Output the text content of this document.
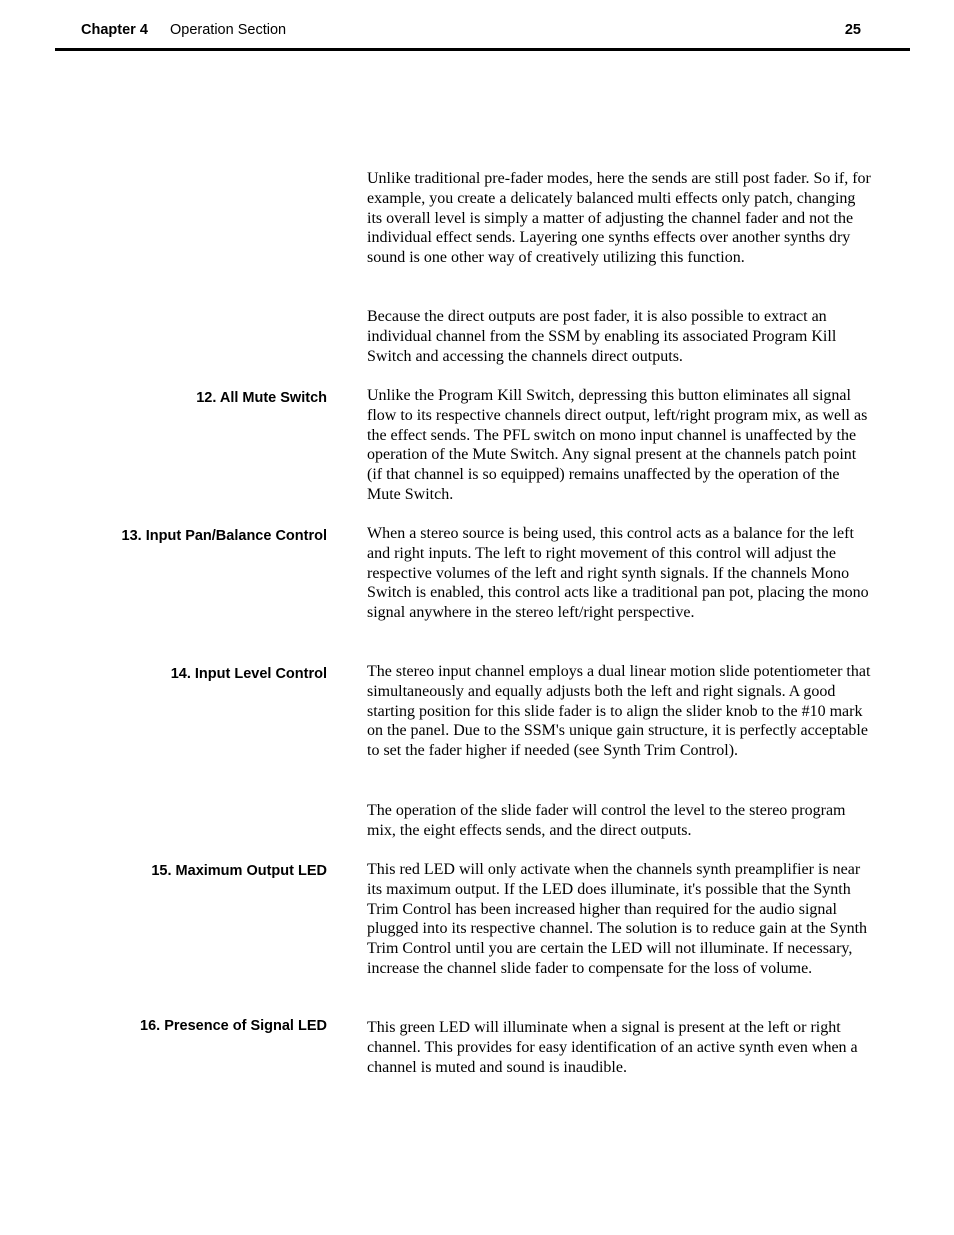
Chapter 4 Operation Section	25

Unlike traditional pre-fader modes, here the sends are still post fader. So if, for example, you create a delicately balanced multi effects only patch, changing its overall level is simply a matter of adjusting the channel fader and not the individual effect sends. Layering one synths effects over another synths dry sound is one other way of creatively utilizing this function.

Because the direct outputs are post fader, it is also possible to extract an individual channel from the SSM by enabling its associated Program Kill Switch and accessing the channels direct outputs.

12. All Mute Switch	Unlike the Program Kill Switch, depressing this button eliminates all signal flow to its respective channels direct output, left/right program mix, as well as the effect sends. The PFL switch on mono input channel is unaffected by the operation of the Mute Switch. Any signal present at the channels patch point (if that channel is so equipped) remains unaffected by the operation of the Mute Switch.

13. Input Pan/Balance Control	When a stereo source is being used, this control acts as a balance for the left and right inputs. The left to right movement of this control will adjust the respective volumes of the left and right synth signals. If the channels Mono Switch is enabled, this control acts like a traditional pan pot, placing the mono signal anywhere in the stereo left/right perspective.

14. Input Level Control	The stereo input channel employs a dual linear motion slide potentiometer that simultaneously and equally adjusts both the left and right signals. A good starting position for this slide fader is to align the slider knob to the #10 mark on the panel. Due to the SSM's unique gain structure, it is perfectly acceptable to set the fader higher if needed (see Synth Trim Control).

The operation of the slide fader will control the level to the stereo program mix, the eight effects sends, and the direct outputs.

15. Maximum Output LED	This red LED will only activate when the channels synth preamplifier is near its maximum output. If the LED does illuminate, it's possible that the Synth Trim Control has been increased higher than required for the audio signal plugged into its respective channel. The solution is to reduce gain at the Synth Trim Control until you are certain the LED will not illuminate. If necessary, increase the channel slide fader to compensate for the loss of volume.

16. Presence of Signal LED	This green LED will illuminate when a signal is present at the left or right channel. This provides for easy identification of an active synth even when a channel is muted and sound is inaudible.
